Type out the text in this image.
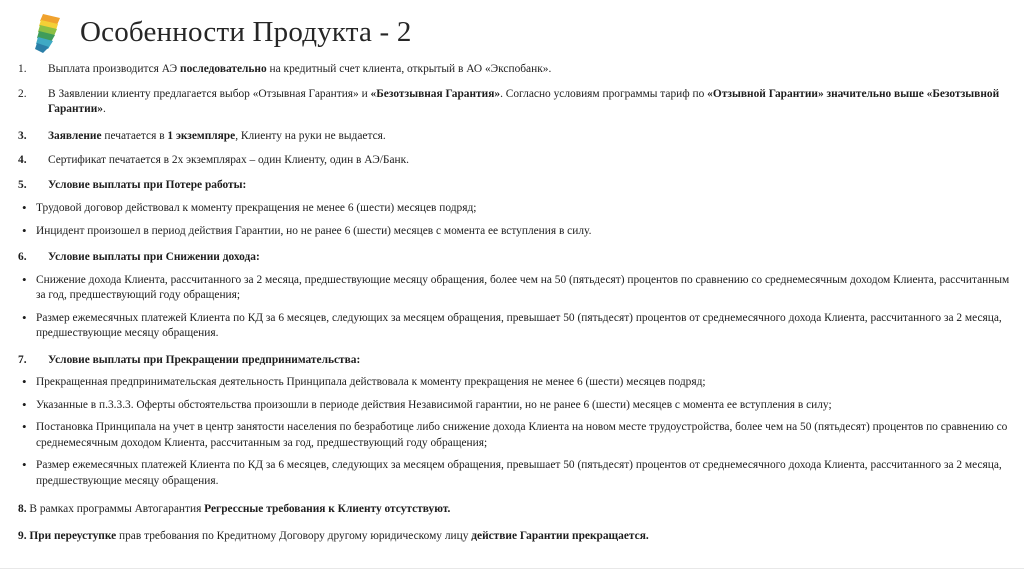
Особенности Продукта - 2
1.	Выплата производится АЭ последовательно на кредитный счет клиента, открытый в АО «Экспобанк».
2.	В Заявлении клиенту предлагается выбор «Отзывная Гарантия» и «Безотзывная Гарантия». Согласно условиям программы тариф по «Отзывной Гарантии» значительно выше «Безотзывной Гарантии».
3.	Заявление печатается в 1 экземпляре, Клиенту на руки не выдается.
4.	Сертификат печатается в 2х экземплярах – один Клиенту, один в АЭ/Банк.
5.	Условие выплаты при Потере работы:
• Трудовой договор действовал к моменту прекращения не менее 6 (шести) месяцев подряд;
• Инцидент произошел в период действия Гарантии, но не ранее 6 (шести) месяцев с момента ее вступления в силу.
6.	Условие выплаты при Снижении дохода:
• Снижение дохода Клиента, рассчитанного за 2 месяца, предшествующие месяцу обращения, более чем на 50 (пятьдесят) процентов по сравнению со среднемесячным доходом Клиента, рассчитанным за год, предшествующий году обращения;
• Размер ежемесячных платежей Клиента по КД за 6 месяцев, следующих за месяцем обращения, превышает 50 (пятьдесят) процентов от среднемесячного дохода Клиента, рассчитанного за 2 месяца, предшествующие месяцу обращения.
7.	Условие выплаты при Прекращении предпринимательства:
• Прекращенная предпринимательская деятельность Принципала действовала к моменту прекращения не менее 6 (шести) месяцев подряд;
• Указанные в п.3.3.3. Оферты обстоятельства произошли в периоде действия Независимой гарантии, но не ранее 6 (шести) месяцев с момента ее вступления в силу;
• Постановка Принципала на учет в центр занятости населения по безработице либо снижение дохода Клиента на новом месте трудоустройства, более чем на 50 (пятьдесят) процентов по сравнению со среднемесячным доходом Клиента, рассчитанным за год, предшествующий году обращения;
• Размер ежемесячных платежей Клиента по КД за 6 месяцев, следующих за месяцем обращения, превышает 50 (пятьдесят) процентов от среднемесячного дохода Клиента, рассчитанного за 2 месяца, предшествующие месяцу обращения.
8. В рамках программы Автогарантия Регрессные требования к Клиенту отсутствуют.
9. При переуступке прав требования по Кредитному Договору другому юридическому лицу действие Гарантии прекращается.
